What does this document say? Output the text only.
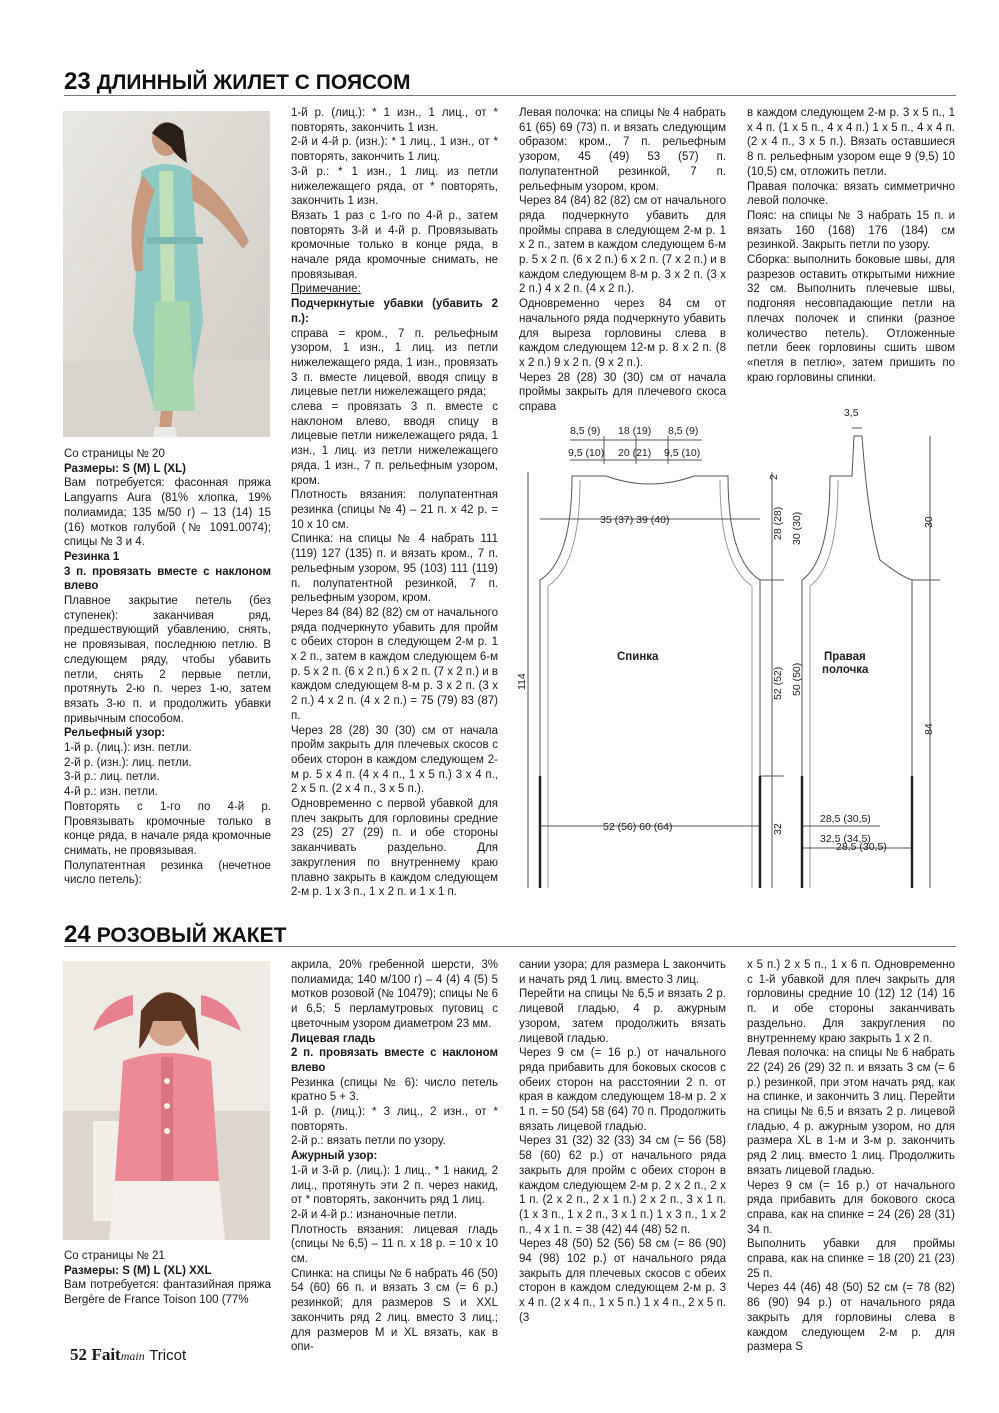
23 ДЛИННЫЙ ЖИЛЕТ С ПОЯСОМ

Со страницы № 20

Размеры: S (M) L (XL)

Вам потребуется: фасонная пряжа Langyarns Aura (81% хлопка, 19% полиамида; 135 м/50 г) – 13 (14) 15 (16) мотков голубой (№ 1091.0074); спицы № 3 и 4.

Резинка 1

3 п. провязать вместе с наклоном влево

Плавное закрытие петель (без ступенек): заканчивая ряд, предшествующий убавлению, снять, не провязывая, последнюю петлю. В следующем ряду, чтобы убавить петли, снять 2 первые петли, протянуть 2-ю п. через 1-ю, затем вязать 3-ю п. и продолжить убавки привычным способом.

Рельефный узор:

1-й р. (лиц.): изн. петли.

2-й р. (изн.): лиц. петли.

3-й р.: лиц. петли.

4-й р.: изн. петли.

Повторять с 1-го по 4-й р. Провязывать кромочные только в конце ряда, в начале ряда кромочные снимать, не провязывая.

Полупатентная резинка (нечетное число петель):

1-й р. (лиц.): * 1 изн., 1 лиц., от * повторять, закончить 1 изн.

2-й и 4-й р. (изн.): * 1 лиц., 1 изн., от * повторять, закончить 1 лиц.

3-й р.: * 1 изн., 1 лиц. из петли нижележащего ряда, от * повторять, закончить 1 изн.

Вязать 1 раз с 1-го по 4-й р., затем повторять 3-й и 4-й р. Провязывать кромочные только в конце ряда, в начале ряда кромочные снимать, не провязывая.

Примечание:

Подчеркнутые убавки (убавить 2 п.):

справа = кром., 7 п. рельефным узором, 1 изн., 1 лиц. из петли нижележащего ряда, 1 изн., провязать 3 п. вместе лицевой, вводя спицу в лицевые петли нижележащего ряда;

слева = провязать 3 п. вместе с наклоном влево, вводя спицу в лицевые петли нижележащего ряда, 1 изн., 1 лиц. из петли нижележащего ряда, 1 изн., 7 п. рельефным узором, кром.

Плотность вязания: полупатентная резинка (спицы № 4) – 21 п. х 42 р. = 10 х 10 см.

Спинка: на спицы № 4 набрать 111 (119) 127 (135) п. и вязать кром., 7 п. рельефным узором, 95 (103) 111 (119) п. полупатентной резинкой, 7 п. рельефным узором, кром.

Через 84 (84) 82 (82) см от начального ряда подчеркнуто убавить для пройм с обеих сторон в следующем 2-м р. 1 х 2 п., затем в каждом следующем 6-м р. 5 х 2 п. (6 х 2 п.) 6 х 2 п. (7 х 2 п.) и в каждом следующем 8-м р. 3 х 2 п. (3 х 2 п.) 4 х 2 п. (4 х 2 п.) = 75 (79) 83 (87) п.

Через 28 (28) 30 (30) см от начала пройм закрыть для плечевых скосов с обеих сторон в каждом следующем 2-м р. 5 х 4 п. (4 х 4 п., 1 х 5 п.) 3 х 4 п., 2 х 5 п. (2 х 4 п., 3 х 5 п.).

Одновременно с первой убавкой для плеч закрыть для горловины средние 23 (25) 27 (29) п. и обе стороны заканчивать раздельно. Для закругления по внутреннему краю плавно закрыть в каждом следующем 2-м р. 1 х 3 п., 1 х 2 п. и 1 х 1 п.

Левая полочка: на спицы № 4 набрать 61 (65) 69 (73) п. и вязать следующим образом: кром., 7 п. рельефным узором, 45 (49) 53 (57) п. полупатентной резинкой, 7 п. рельефным узором, кром.

Через 84 (84) 82 (82) см от начального ряда подчеркнуто убавить для проймы справа в следующем 2-м р. 1 х 2 п., затем в каждом следующем 6-м р. 5 х 2 п. (6 х 2 п.) 6 х 2 п. (7 х 2 п.) и в каждом следующем 8-м р. 3 х 2 п. (3 х 2 п.) 4 х 2 п. (4 х 2 п.).

Одновременно через 84 см от начального ряда подчеркнуто убавить для выреза горловины слева в каждом следующем 12-м р. 8 х 2 п. (8 х 2 п.) 9 х 2 п. (9 х 2 п.).

Через 28 (28) 30 (30) см от начала проймы закрыть для плечевого скоса справа

в каждом следующем 2-м р. 3 х 5 п., 1 х 4 п. (1 х 5 п., 4 х 4 п.) 1 х 5 п., 4 х 4 п. (2 х 4 п., 3 х 5 п.). Вязать оставшиеся 8 п. рельефным узором еще 9 (9,5) 10 (10,5) см, отложить петли.

Правая полочка: вязать симметрично левой полочке.

Пояс: на спицы № 3 набрать 15 п. и вязать 160 (168) 176 (184) см резинкой. Закрыть петли по узору.

Сборка: выполнить боковые швы, для разрезов оставить открытыми нижние 32 см. Выполнить плечевые швы, подгоняя несовпадающие петли на плечах полочек и спинки (разное количество петель). Отложенные петли беек горловины сшить швом «петля в петлю», затем пришить по краю горловины спинки.

8,5 (9) 18 (19) 8,5 (9)
9,5 (10) 20 (21) 9,5 (10)
35 (37) 39 (40)
52 (56) 60 (64)
Спинка	Правая
полочка
28,5 (30,5)
3,5
114
28 (28)
2
52 (52)
32
30
84
30 (30)
50 (50)
28,5 (30,5)
32,5 (34,5)
24 РОЗОВЫЙ ЖАКЕТ

Со страницы № 21

Размеры: S (M) L (XL) XXL

Вам потребуется: фантазийная пряжа Bergère de France Toison 100 (77%

акрила, 20% гребенной шерсти, 3% полиамида; 140 м/100 г) – 4 (4) 4 (5) 5 мотков розовой (№ 10479); спицы № 6 и 6,5; 5 перламутровых пуговиц с цветочным узором диаметром 23 мм.

Лицевая гладь

2 п. провязать вместе с наклоном влево

Резинка (спицы № 6): число петель кратно 5 + 3.

1-й р. (лиц.): * 3 лиц., 2 изн., от * повторять.

2-й р.: вязать петли по узору.

Ажурный узор:

1-й и 3-й р. (лиц.): 1 лиц., * 1 накид, 2 лиц., протянуть эти 2 п. через накид, от * повторять, закончить ряд 1 лиц.

2-й и 4-й р.: изнаночные петли.

Плотность вязания: лицевая гладь (спицы № 6,5) – 11 п. х 18 р. = 10 х 10 см.

Спинка: на спицы № 6 набрать 46 (50) 54 (60) 66 п. и вязать 3 см (= 6 р.) резинкой; для размеров S и XXL закончить ряд 2 лиц. вместо 3 лиц.; для размеров M и XL вязать, как в опи-

сании узора; для размера L закончить и начать ряд 1 лиц. вместо 3 лиц.

Перейти на спицы № 6,5 и вязать 2 р. лицевой гладью, 4 р. ажурным узором, затем продолжить вязать лицевой гладью.

Через 9 см (= 16 р.) от начального ряда прибавить для боковых скосов с обеих сторон на расстоянии 2 п. от края в каждом следующем 18-м р. 2 х 1 п. = 50 (54) 58 (64) 70 п. Продолжить вязать лицевой гладью.

Через 31 (32) 32 (33) 34 см (= 56 (58) 58 (60) 62 р.) от начального ряда закрыть для пройм с обеих сторон в каждом следующем 2-м р. 2 х 2 п., 2 х 1 п. (2 х 2 п., 2 х 1 п.) 2 х 2 п., 3 х 1 п. (1 х 3 п., 1 х 2 п., 3 х 1 п.) 1 х 3 п., 1 х 2 п., 4 х 1 п. = 38 (42) 44 (48) 52 п.

Через 48 (50) 52 (56) 58 см (= 86 (90) 94 (98) 102 р.) от начального ряда закрыть для плечевых скосов с обеих сторон в каждом следующем 2-м р. 3 х 4 п. (2 х 4 п., 1 х 5 п.) 1 х 4 п., 2 х 5 п. (3

х 5 п.) 2 х 5 п., 1 х 6 п. Одновременно с 1-й убавкой для плеч закрыть для горловины средние 10 (12) 12 (14) 16 п. и обе стороны заканчивать раздельно. Для закругления по внутреннему краю закрыть 1 х 2 п.

Левая полочка: на спицы № 6 набрать 22 (24) 26 (29) 32 п. и вязать 3 см (= 6 р.) резинкой, при этом начать ряд, как на спинке, и закончить 3 лиц. Перейти на спицы № 6,5 и вязать 2 р. лицевой гладью, 4 р. ажурным узором, но для размера XL в 1-м и 3-м р. закончить ряд 2 лиц. вместо 1 лиц. Продолжить вязать лицевой гладью.

Через 9 см (= 16 р.) от начального ряда прибавить для бокового скоса справа, как на спинке = 24 (26) 28 (31) 34 п.

Выполнить убавки для проймы справа, как на спинке = 18 (20) 21 (23) 25 п.

Через 44 (46) 48 (50) 52 см (= 78 (82) 86 (90) 94 р.) от начального ряда закрыть для горловины слева в каждом следующем 2-м р. для размера S

52 Faitmain Tricot
